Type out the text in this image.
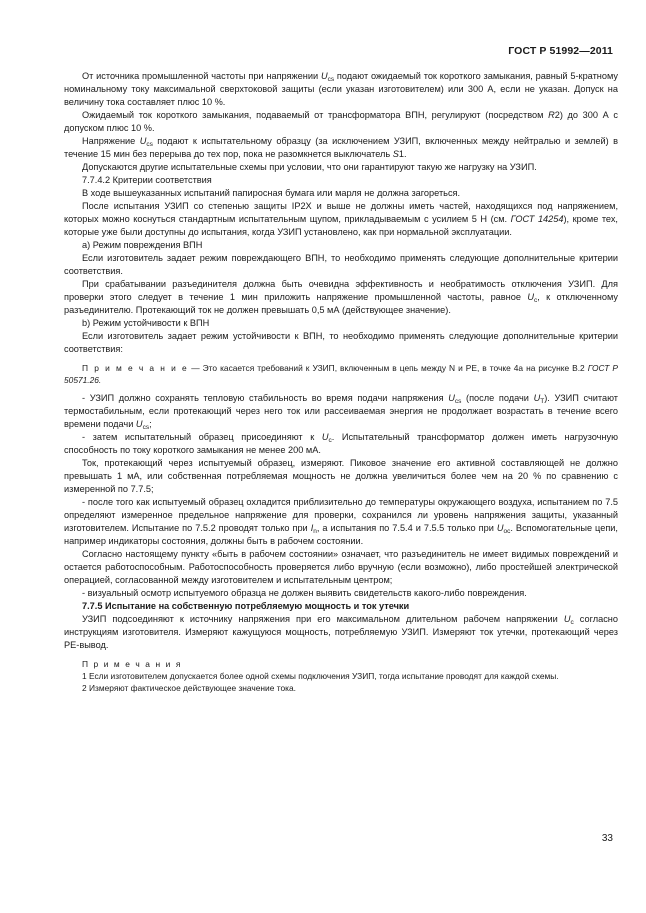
ГОСТ Р 51992—2011

От источника промышленной частоты при напряжении $U_{cs}$ подают ожидаемый ток короткого замыкания, равный 5-кратному номинальному току максимальной сверхтоковой защиты (если указан изготовителем) или 300 А, если не указан. Допуск на величину тока составляет плюс 10 %.

Ожидаемый ток короткого замыкания, подаваемый от трансформатора ВПН, регулируют (посредством R2) до 300 А с допуском плюс 10 %.

Напряжение $U_{cs}$ подают к испытательному образцу (за исключением УЗИП, включенных между нейтралью и землей) в течение 15 мин без перерыва до тех пор, пока не разомкнется выключатель S1.

Допускаются другие испытательные схемы при условии, что они гарантируют такую же нагрузку на УЗИП.

7.7.4.2 Критерии соответствия

В ходе вышеуказанных испытаний папиросная бумага или марля не должна загореться.

После испытания УЗИП со степенью защиты IP2X и выше не должны иметь частей, находящихся под напряжением, которых можно коснуться стандартным испытательным щупом, прикладываемым с усилием 5 Н (см. ГОСТ 14254), кроме тех, которые уже были доступны до испытания, когда УЗИП установлено, как при нормальной эксплуатации.

a) Режим повреждения ВПН

Если изготовитель задает режим повреждающего ВПН, то необходимо применять следующие дополнительные критерии соответствия.

При срабатывании разъединителя должна быть очевидна эффективность и необратимость отключения УЗИП. Для проверки этого следует в течение 1 мин приложить напряжение промышленной частоты, равное $U_c$, к отключенному разъединителю. Протекающий ток не должен превышать 0,5 мА (действующее значение).

b) Режим устойчивости к ВПН

Если изготовитель задает режим устойчивости к ВПН, то необходимо применять следующие дополнительные критерии соответствия:

П р и м е ч а н и е — Это касается требований к УЗИП, включенным в цепь между N и PE, в точке 4а на рисунке В.2 ГОСТ Р 50571.26.

- УЗИП должно сохранять тепловую стабильность во время подачи напряжения $U_{cs}$ (после подачи $U_T$). УЗИП считают термостабильным, если протекающий через него ток или рассеиваемая энергия не продолжает возрастать в течение всего времени подачи $U_{cs}$;

- затем испытательный образец присоединяют к $U_c$. Испытательный трансформатор должен иметь нагрузочную способность по току короткого замыкания не менее 200 мА.

Ток, протекающий через испытуемый образец, измеряют. Пиковое значение его активной составляющей не должно превышать 1 мА, или собственная потребляемая мощность не должна увеличиться более чем на 20 % по сравнению с измеренной по 7.7.5;

- после того как испытуемый образец охладится приблизительно до температуры окружающего воздуха, испытанием по 7.5 определяют измеренное предельное напряжение для проверки, сохранился ли уровень напряжения защиты, указанный изготовителем. Испытание по 7.5.2 проводят только при $I_n$, а испытания по 7.5.4 и 7.5.5 только при $U_{oc}$. Вспомогательные цепи, например индикаторы состояния, должны быть в рабочем состоянии.

Согласно настоящему пункту «быть в рабочем состоянии» означает, что разъединитель не имеет видимых повреждений и остается работоспособным. Работоспособность проверяется либо вручную (если возможно), либо простейшей электрической операцией, согласованной между изготовителем и испытательным центром;

- визуальный осмотр испытуемого образца не должен выявить свидетельств какого-либо повреждения.

7.7.5 Испытание на собственную потребляемую мощность и ток утечки

УЗИП подсоединяют к источнику напряжения при его максимальном длительном рабочем напряжении $U_c$ согласно инструкциям изготовителя. Измеряют кажущуюся мощность, потребляемую УЗИП. Измеряют ток утечки, протекающий через PE-вывод.

П р и м е ч а н и я

1 Если изготовителем допускается более одной схемы подключения УЗИП, тогда испытание проводят для каждой схемы.

2 Измеряют фактическое действующее значение тока.

33
